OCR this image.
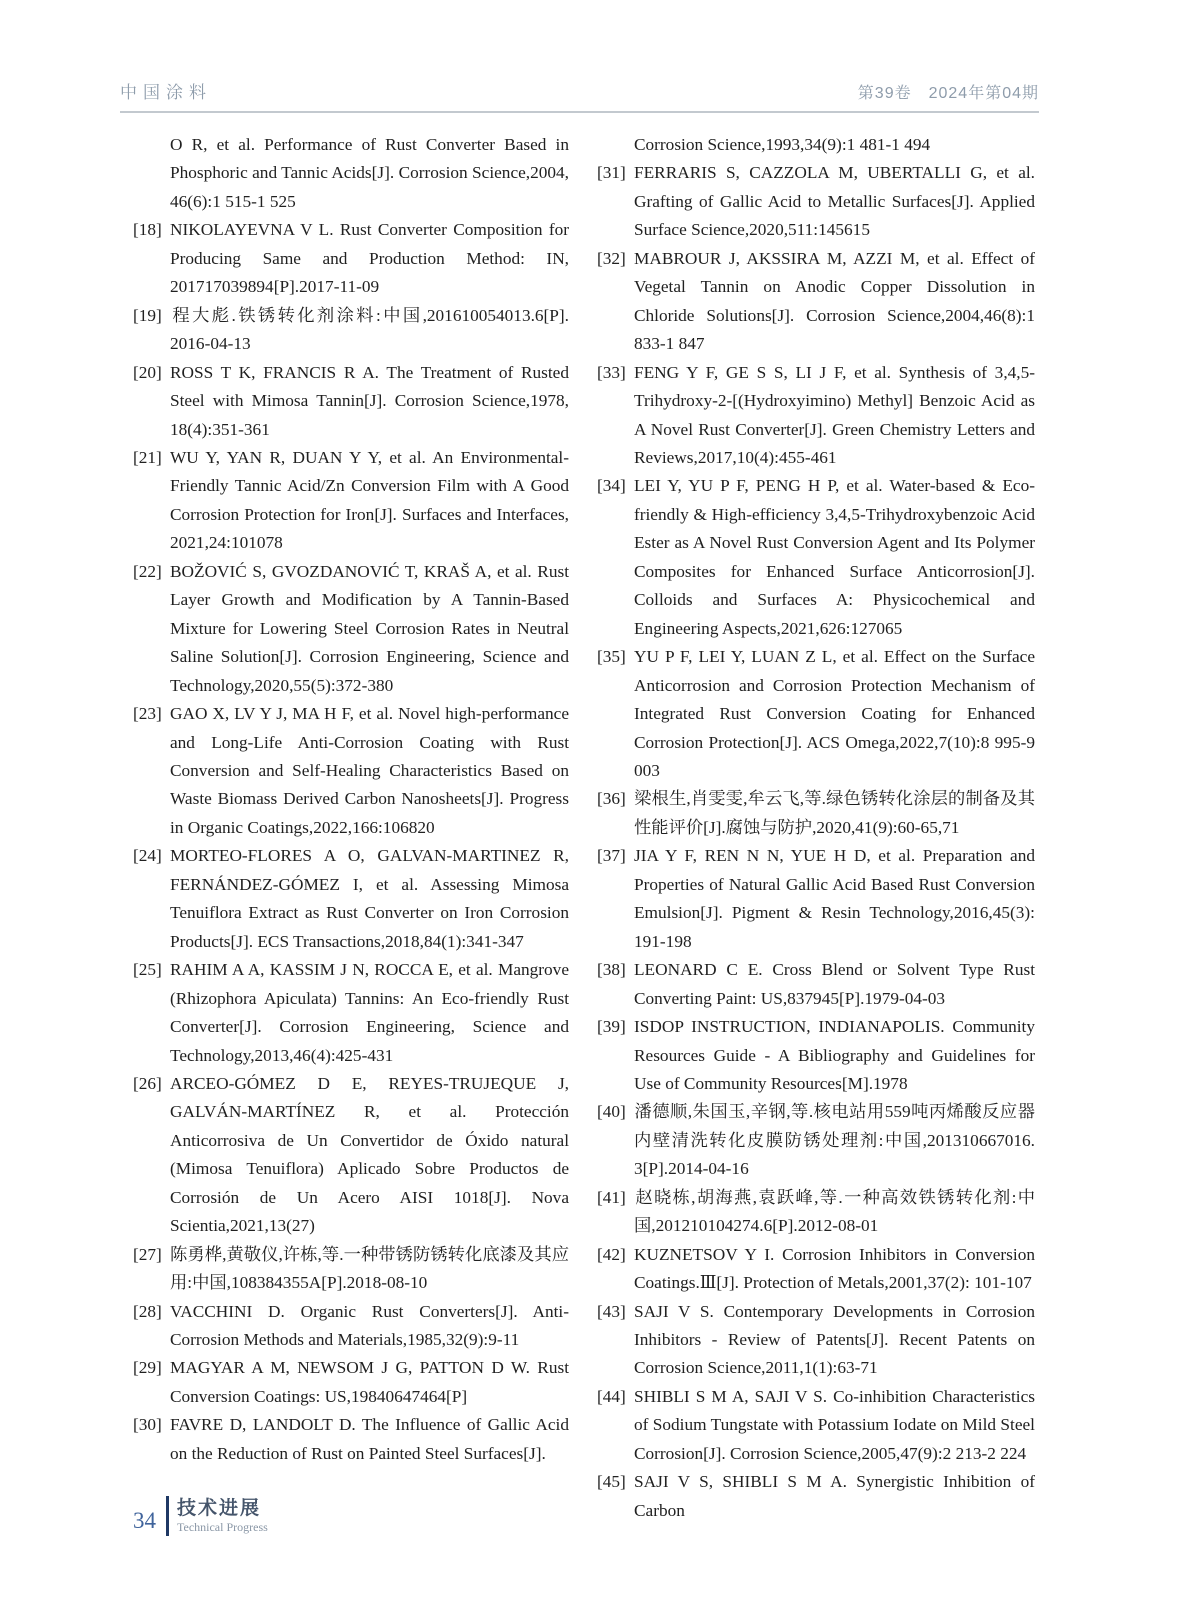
中国涂料	第39卷　2024年第04期
O R, et al. Performance of Rust Converter Based in Phosphoric and Tannic Acids[J]. Corrosion Science,2004, 46(6):1 515-1 525
[18] NIKOLAYEVNA V L. Rust Converter Composition for Producing Same and Production Method: IN, 201717039894[P].2017-11-09
[19] 程大彪.铁锈转化剂涂料:中国,201610054013.6[P]. 2016-04-13
[20] ROSS T K, FRANCIS R A. The Treatment of Rusted Steel with Mimosa Tannin[J]. Corrosion Science,1978, 18(4):351-361
[21] WU Y, YAN R, DUAN Y Y, et al. An Environmental-Friendly Tannic Acid/Zn Conversion Film with A Good Corrosion Protection for Iron[J]. Surfaces and Interfaces, 2021,24:101078
[22] BOŽOVIĆ S, GVOZDANOVIĆ T, KRAŠ A, et al. Rust Layer Growth and Modification by A Tannin-Based Mixture for Lowering Steel Corrosion Rates in Neutral Saline Solution[J]. Corrosion Engineering, Science and Technology,2020,55(5):372-380
[23] GAO X, LV Y J, MA H F, et al. Novel high-performance and Long-Life Anti-Corrosion Coating with Rust Conversion and Self-Healing Characteristics Based on Waste Biomass Derived Carbon Nanosheets[J]. Progress in Organic Coatings,2022,166:106820
[24] MORTEO-FLORES A O, GALVAN-MARTINEZ R, FERNÁNDEZ-GÓMEZ I, et al. Assessing Mimosa Tenuiflora Extract as Rust Converter on Iron Corrosion Products[J]. ECS Transactions,2018,84(1):341-347
[25] RAHIM A A, KASSIM J N, ROCCA E, et al. Mangrove (Rhizophora Apiculata) Tannins: An Eco-friendly Rust Converter[J]. Corrosion Engineering, Science and Technology,2013,46(4):425-431
[26] ARCEO-GÓMEZ D E, REYES-TRUJEQUE J, GALVÁN-MARTÍNEZ R, et al. Protección Anticorrosiva de Un Convertidor de Óxido natural (Mimosa Tenuiflora) Aplicado Sobre Productos de Corrosión de Un Acero AISI 1018[J]. Nova Scientia,2021,13(27)
[27] 陈勇桦,黄敬仪,许栋,等.一种带锈防锈转化底漆及其应用:中国,108384355A[P].2018-08-10
[28] VACCHINI D. Organic Rust Converters[J]. Anti-Corrosion Methods and Materials,1985,32(9):9-11
[29] MAGYAR A M, NEWSOM J G, PATTON D W. Rust Conversion Coatings: US,19840647464[P]
[30] FAVRE D, LANDOLT D. The Influence of Gallic Acid on the Reduction of Rust on Painted Steel Surfaces[J].
Corrosion Science,1993,34(9):1 481-1 494
[31] FERRARIS S, CAZZOLA M, UBERTALLI G, et al. Grafting of Gallic Acid to Metallic Surfaces[J]. Applied Surface Science,2020,511:145615
[32] MABROUR J, AKSSIRA M, AZZI M, et al. Effect of Vegetal Tannin on Anodic Copper Dissolution in Chloride Solutions[J]. Corrosion Science,2004,46(8):1 833-1 847
[33] FENG Y F, GE S S, LI J F, et al. Synthesis of 3,4,5-Trihydroxy-2-[(Hydroxyimino) Methyl] Benzoic Acid as A Novel Rust Converter[J]. Green Chemistry Letters and Reviews,2017,10(4):455-461
[34] LEI Y, YU P F, PENG H P, et al. Water-based & Eco-friendly & High-efficiency 3,4,5-Trihydroxybenzoic Acid Ester as A Novel Rust Conversion Agent and Its Polymer Composites for Enhanced Surface Anticorrosion[J]. Colloids and Surfaces A: Physicochemical and Engineering Aspects,2021,626:127065
[35] YU P F, LEI Y, LUAN Z L, et al. Effect on the Surface Anticorrosion and Corrosion Protection Mechanism of Integrated Rust Conversion Coating for Enhanced Corrosion Protection[J]. ACS Omega,2022,7(10):8 995-9 003
[36] 梁根生,肖雯雯,牟云飞,等.绿色锈转化涂层的制备及其性能评价[J].腐蚀与防护,2020,41(9):60-65,71
[37] JIA Y F, REN N N, YUE H D, et al. Preparation and Properties of Natural Gallic Acid Based Rust Conversion Emulsion[J]. Pigment & Resin Technology,2016,45(3): 191-198
[38] LEONARD C E. Cross Blend or Solvent Type Rust Converting Paint: US,837945[P].1979-04-03
[39] ISDOP INSTRUCTION, INDIANAPOLIS. Community Resources Guide - A Bibliography and Guidelines for Use of Community Resources[M].1978
[40] 潘德顺,朱国玉,辛钢,等.核电站用559吨丙烯酸反应器内壁清洗转化皮膜防锈处理剂:中国,201310667016. 3[P].2014-04-16
[41] 赵晓栋,胡海燕,袁跃峰,等.一种高效铁锈转化剂:中国,201210104274.6[P].2012-08-01
[42] KUZNETSOV Y I. Corrosion Inhibitors in Conversion Coatings.Ⅲ[J]. Protection of Metals,2001,37(2): 101-107
[43] SAJI V S. Contemporary Developments in Corrosion Inhibitors - Review of Patents[J]. Recent Patents on Corrosion Science,2011,1(1):63-71
[44] SHIBLI S M A, SAJI V S. Co-inhibition Characteristics of Sodium Tungstate with Potassium Iodate on Mild Steel Corrosion[J]. Corrosion Science,2005,47(9):2 213-2 224
[45] SAJI V S, SHIBLI S M A. Synergistic Inhibition of Carbon
34 技术进展
Technical Progress
